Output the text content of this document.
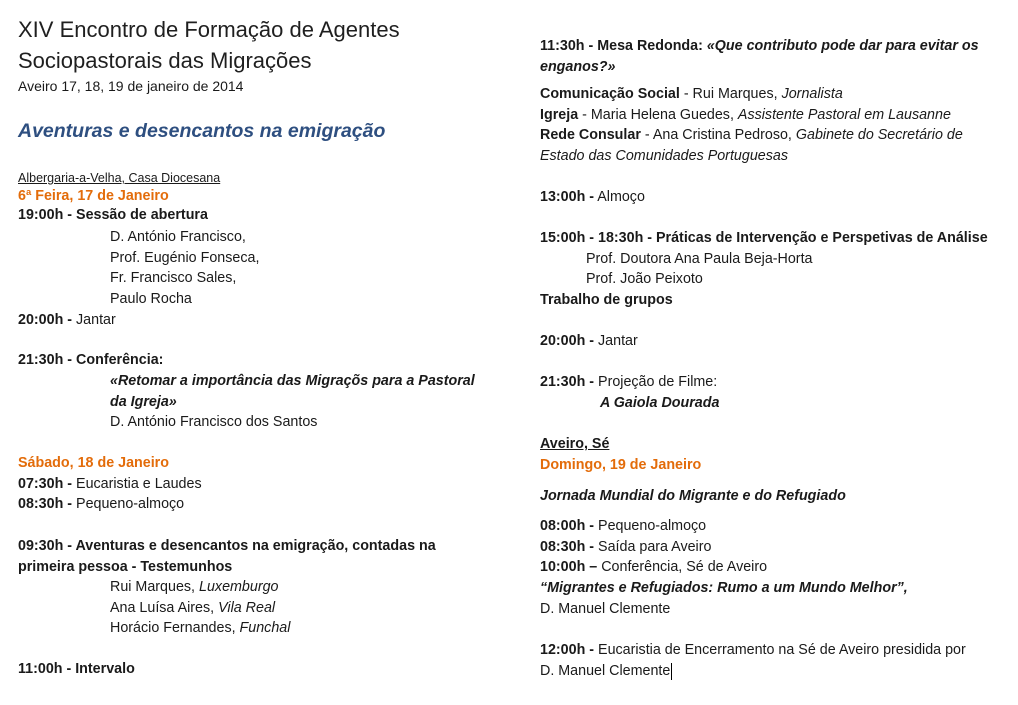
XIV Encontro de Formação de Agentes
Sociopastorais das Migrações
Aveiro 17, 18, 19 de janeiro de 2014
Aventuras e desencantos na emigração
Albergaria-a-Velha, Casa Diocesana
6ª Feira, 17 de Janeiro
19:00h - Sessão de abertura
D. António Francisco,
Prof. Eugénio Fonseca,
Fr. Francisco Sales,
Paulo Rocha
20:00h - Jantar
21:30h - Conferência:
«Retomar a importância das Migraçõs para a Pastoral
da Igreja»
D. António Francisco dos Santos
Sábado, 18 de Janeiro
07:30h - Eucaristia e Laudes
08:30h - Pequeno-almoço
09:30h - Aventuras e desencantos na emigração, contadas na
primeira pessoa - Testemunhos
Rui Marques, Luxemburgo
Ana Luísa Aires, Vila Real
Horácio Fernandes, Funchal
11:00h - Intervalo
11:30h - Mesa Redonda: «Que contributo pode dar para evitar os
enganos?»
Comunicação Social - Rui Marques, Jornalista
Igreja - Maria Helena Guedes, Assistente Pastoral em Lausanne
Rede Consular - Ana Cristina Pedroso, Gabinete do Secretário de
Estado das Comunidades Portuguesas
13:00h - Almoço
15:00h - 18:30h - Práticas de Intervenção e Perspetivas de Análise
Prof. Doutora Ana Paula Beja-Horta
Prof. João Peixoto
Trabalho de grupos
20:00h - Jantar
21:30h - Projeção de Filme:
A Gaiola Dourada
Aveiro, Sé
Domingo, 19 de Janeiro
Jornada Mundial do Migrante e do Refugiado
08:00h - Pequeno-almoço
08:30h - Saída para Aveiro
10:00h – Conferência, Sé de Aveiro
“Migrantes e Refugiados: Rumo a um Mundo Melhor”,
D. Manuel Clemente
12:00h - Eucaristia de Encerramento na Sé de Aveiro presidida por
D. Manuel Clemente
